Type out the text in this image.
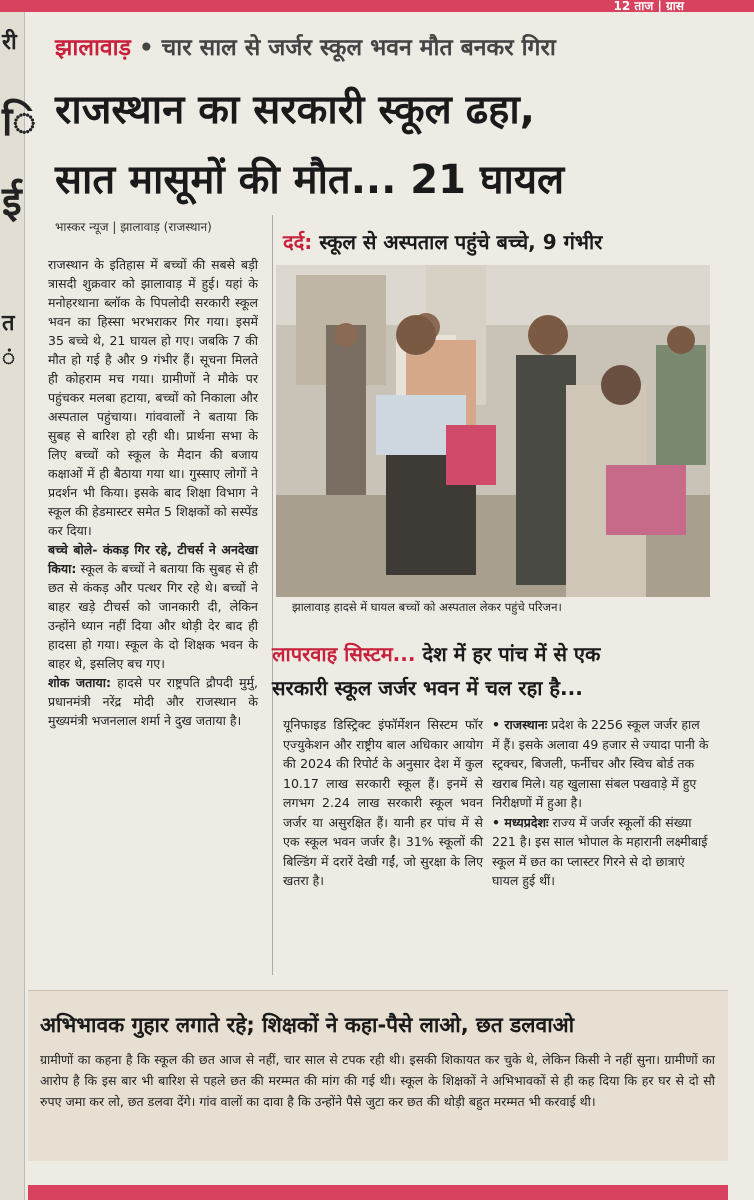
12 ताज | ग्रास
री
ि
ई
त
ं
झालावाड़ • चार साल से जर्जर स्कूल भवन मौत बनकर गिरा
राजस्थान का सरकारी स्कूल ढहा,
सात मासूमों की मौत... 21 घायल
भास्कर न्यूज | झालावाड़ (राजस्थान)

राजस्थान के इतिहास में बच्चों की सबसे बड़ी त्रासदी शुक्रवार को झालावाड़ में हुई। यहां के मनोहरथाना ब्लॉक के पिपलोदी सरकारी स्कूल भवन का हिस्सा भरभराकर गिर गया। इसमें 35 बच्चे थे, 21 घायल हो गए। जबकि 7 की मौत हो गई है और 9 गंभीर हैं। सूचना मिलते ही कोहराम मच गया। ग्रामीणों ने मौके पर पहुंचकर मलबा हटाया, बच्चों को निकाला और अस्पताल पहुंचाया। गांववालों ने बताया कि सुबह से बारिश हो रही थी। प्रार्थना सभा के लिए बच्चों को स्कूल के मैदान की बजाय कक्षाओं में ही बैठाया गया था। गुस्साए लोगों ने प्रदर्शन भी किया। इसके बाद शिक्षा विभाग ने स्कूल की हेडमास्टर समेत 5 शिक्षकों को सस्पेंड कर दिया।

बच्चे बोले- कंकड़ गिर रहे, टीचर्स ने अनदेखा किया: स्कूल के बच्चों ने बताया कि सुबह से ही छत से कंकड़ और पत्थर गिर रहे थे। बच्चों ने बाहर खड़े टीचर्स को जानकारी दी, लेकिन उन्होंने ध्यान नहीं दिया और थोड़ी देर बाद ही हादसा हो गया। स्कूल के दो शिक्षक भवन के बाहर थे, इसलिए बच गए।

शोक जताया: हादसे पर राष्ट्रपति द्रौपदी मुर्मु, प्रधानमंत्री नरेंद्र मोदी और राजस्थान के मुख्यमंत्री भजनलाल शर्मा ने दुख जताया है।

दर्द: स्कूल से अस्पताल पहुंचे बच्चे, 9 गंभीर
झालावाड़ हादसे में घायल बच्चों को अस्पताल लेकर पहुंचे परिजन।
लापरवाह सिस्टम... देश में हर पांच में से एक
सरकारी स्कूल जर्जर भवन में चल रहा है...

यूनिफाइड डिस्ट्रिक्ट इंफॉर्मेशन सिस्टम फॉर एज्युकेशन और राष्ट्रीय बाल अधिकार आयोग की 2024 की रिपोर्ट के अनुसार देश में कुल 10.17 लाख सरकारी स्कूल हैं। इनमें से लगभग 2.24 लाख सरकारी स्कूल भवन जर्जर या असुरक्षित हैं। यानी हर पांच में से एक स्कूल भवन जर्जर है। 31% स्कूलों की बिल्डिंग में दरारें देखी गईं, जो सुरक्षा के लिए खतरा है।

• राजस्थानः प्रदेश के 2256 स्कूल जर्जर हाल में हैं। इसके अलावा 49 हजार से ज्यादा पानी के स्ट्रक्चर, बिजली, फर्नीचर और स्विच बोर्ड तक खराब मिले। यह खुलासा संबल पखवाड़े में हुए निरीक्षणों में हुआ है।

• मध्यप्रदेशः राज्य में जर्जर स्कूलों की संख्या 221 है। इस साल भोपाल के महारानी लक्ष्मीबाई स्कूल में छत का प्लास्टर गिरने से दो छात्राएं घायल हुई थीं।

अभिभावक गुहार लगाते रहे; शिक्षकों ने कहा-पैसे लाओ, छत डलवाओ

ग्रामीणों का कहना है कि स्कूल की छत आज से नहीं, चार साल से टपक रही थी। इसकी शिकायत कर चुके थे, लेकिन किसी ने नहीं सुना। ग्रामीणों का आरोप है कि इस बार भी बारिश से पहले छत की मरम्मत की मांग की गई थी। स्कूल के शिक्षकों ने अभिभावकों से ही कह दिया कि हर घर से दो सौ रुपए जमा कर लो, छत डलवा देंगे। गांव वालों का दावा है कि उन्होंने पैसे जुटा कर छत की थोड़ी बहुत मरम्मत भी करवाई थी।
